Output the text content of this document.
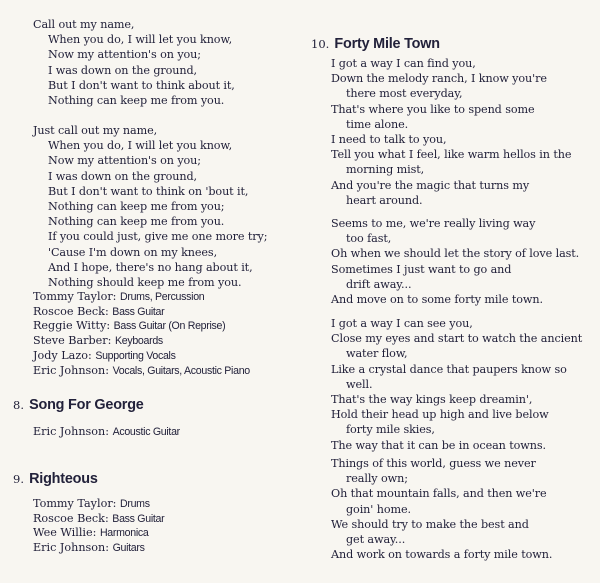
Call out my name,
When you do, I will let you know,
Now my attention's on you;
I was down on the ground,
But I don't want to think about it,
Nothing can keep me from you.
Just call out my name,
When you do, I will let you know,
Now my attention's on you;
I was down on the ground,
But I don't want to think on 'bout it,
Nothing can keep me from you;
Nothing can keep me from you.
If you could just, give me one more try;
'Cause I'm down on my knees,
And I hope, there's no hang about it,
Nothing should keep me from you.
Tommy Taylor: Drums, Percussion
Roscoe Beck: Bass Guitar
Reggie Witty: Bass Guitar (On Reprise)
Steve Barber: Keyboards
Jody Lazo: Supporting Vocals
Eric Johnson: Vocals, Guitars, Acoustic Piano
8. Song For George
Eric Johnson: Acoustic Guitar
9. Righteous
Tommy Taylor: Drums
Roscoe Beck: Bass Guitar
Wee Willie: Harmonica
Eric Johnson: Guitars
10. Forty Mile Town
I got a way I can find you,
Down the melody ranch, I know you're
there most everyday,
That's where you like to spend some
time alone.
I need to talk to you,
Tell you what I feel, like warm hellos in the
morning mist,
And you're the magic that turns my
heart around.
Seems to me, we're really living way
too fast,
Oh when we should let the story of love last.
Sometimes I just want to go and
drift away...
And move on to some forty mile town.
I got a way I can see you,
Close my eyes and start to watch the ancient
water flow,
Like a crystal dance that paupers know so
well.
That's the way kings keep dreamin',
Hold their head up high and live below
forty mile skies,
The way that it can be in ocean towns.
Things of this world, guess we never
really own;
Oh that mountain falls, and then we're
goin' home.
We should try to make the best and
get away...
And work on towards a forty mile town.
